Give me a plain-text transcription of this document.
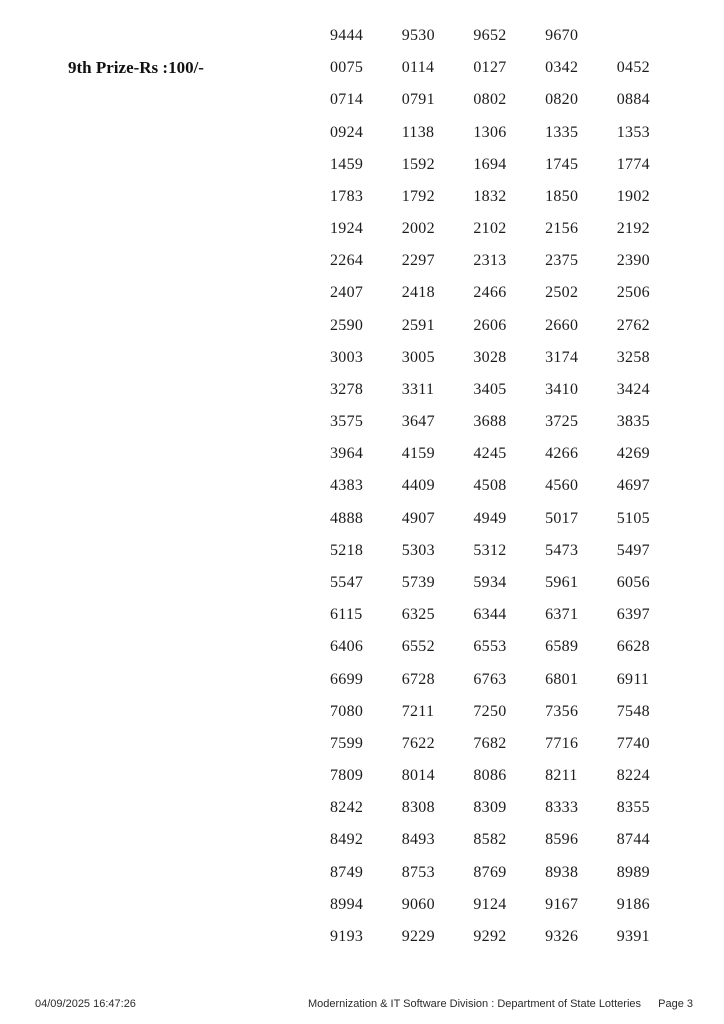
9th Prize-Rs :100/-
9444	9530	9652	9670
0075	0114	0127	0342	0452
0714	0791	0802	0820	0884
0924	1138	1306	1335	1353
1459	1592	1694	1745	1774
1783	1792	1832	1850	1902
1924	2002	2102	2156	2192
2264	2297	2313	2375	2390
2407	2418	2466	2502	2506
2590	2591	2606	2660	2762
3003	3005	3028	3174	3258
3278	3311	3405	3410	3424
3575	3647	3688	3725	3835
3964	4159	4245	4266	4269
4383	4409	4508	4560	4697
4888	4907	4949	5017	5105
5218	5303	5312	5473	5497
5547	5739	5934	5961	6056
6115	6325	6344	6371	6397
6406	6552	6553	6589	6628
6699	6728	6763	6801	6911
7080	7211	7250	7356	7548
7599	7622	7682	7716	7740
7809	8014	8086	8211	8224
8242	8308	8309	8333	8355
8492	8493	8582	8596	8744
8749	8753	8769	8938	8989
8994	9060	9124	9167	9186
9193	9229	9292	9326	9391
04/09/2025 16:47:26	Modernization & IT Software Division : Department of State Lotteries Page 3
